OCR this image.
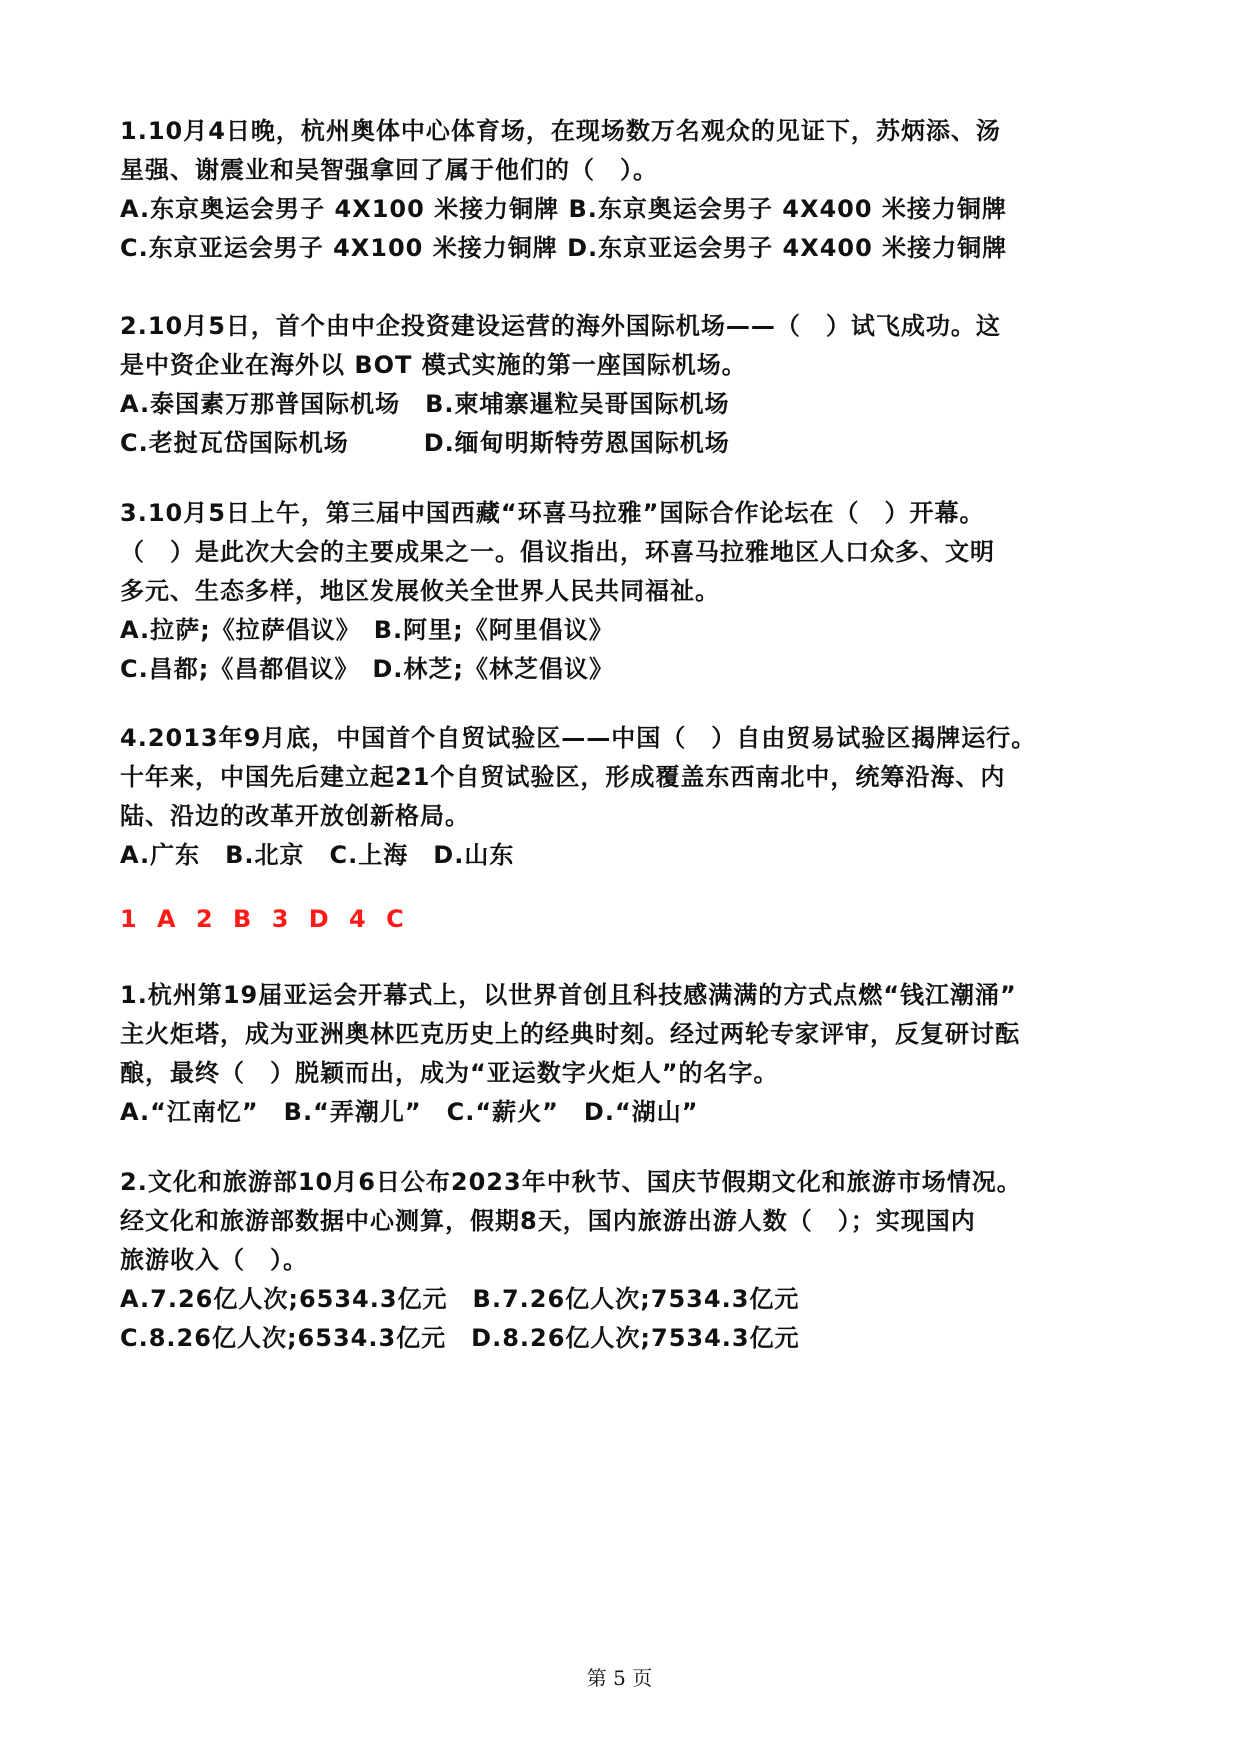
1.10月4日晚，杭州奥体中心体育场，在现场数万名观众的见证下，苏炳添、汤
星强、谢震业和吴智强拿回了属于他们的（　）。
A.东京奥运会男子 4X100 米接力铜牌 B.东京奥运会男子 4X400 米接力铜牌
C.东京亚运会男子 4X100 米接力铜牌 D.东京亚运会男子 4X400 米接力铜牌
2.10月5日，首个由中企投资建设运营的海外国际机场——（　）试飞成功。这
是中资企业在海外以 BOT 模式实施的第一座国际机场。
A.泰国素万那普国际机场　B.柬埔寨暹粒吴哥国际机场
C.老挝瓦岱国际机场　　　D.缅甸明斯特劳恩国际机场
3.10月5日上午，第三届中国西藏“环喜马拉雅”国际合作论坛在（　）开幕。
（　）是此次大会的主要成果之一。倡议指出，环喜马拉雅地区人口众多、文明
多元、生态多样，地区发展攸关全世界人民共同福祉。
A.拉萨;《拉萨倡议》　B.阿里;《阿里倡议》
C.昌都;《昌都倡议》　D.林芝;《林芝倡议》
4.2013年9月底，中国首个自贸试验区——中国（　）自由贸易试验区揭牌运行。
十年来，中国先后建立起21个自贸试验区，形成覆盖东西南北中，统筹沿海、内
陆、沿边的改革开放创新格局。
A.广东　B.北京　C.上海　D.山东
1 A 2 B 3 D 4 C
1.杭州第19届亚运会开幕式上，以世界首创且科技感满满的方式点燃“钱江潮涌”
主火炬塔，成为亚洲奥林匹克历史上的经典时刻。经过两轮专家评审，反复研讨酝
酿，最终（　）脱颖而出，成为“亚运数字火炬人”的名字。
A.“江南忆”　B.“弄潮儿”　C.“薪火”　D.“湖山”
2.文化和旅游部10月6日公布2023年中秋节、国庆节假期文化和旅游市场情况。
经文化和旅游部数据中心测算，假期8天，国内旅游出游人数（　）；实现国内
旅游收入（　）。
A.7.26亿人次;6534.3亿元　B.7.26亿人次;7534.3亿元
C.8.26亿人次;6534.3亿元　D.8.26亿人次;7534.3亿元
第 5 页
